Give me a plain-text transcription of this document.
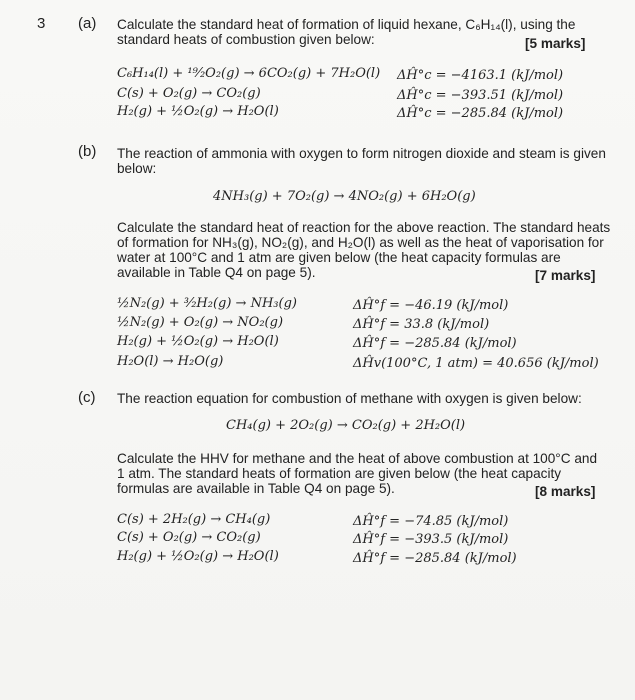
3 (a) Calculate the standard heat of formation of liquid hexane, C₆H₁₄(l), using the
standard heats of combustion given below:	[5 marks]
C₆H₁₄(l) + ¹⁹⁄₂O₂(g) → 6CO₂(g) + 7H₂O(l) ΔĤ°c = −4163.1 (kJ/mol)
C(s) + O₂(g) → CO₂(g)	ΔĤ°c = −393.51 (kJ/mol)
H₂(g) + ½O₂(g) → H₂O(l)	ΔĤ°c = −285.84 (kJ/mol)
(b) The reaction of ammonia with oxygen to form nitrogen dioxide and steam is given
below:
4NH₃(g) + 7O₂(g) → 4NO₂(g) + 6H₂O(g)
Calculate the standard heat of reaction for the above reaction. The standard heats
of formation for NH₃(g), NO₂(g), and H₂O(l) as well as the heat of vaporisation for
water at 100°C and 1 atm are given below (the heat capacity formulas are
available in Table Q4 on page 5).	[7 marks]
½N₂(g) + ³⁄₂H₂(g) → NH₃(g)	ΔĤ°f = −46.19 (kJ/mol)
½N₂(g) + O₂(g) → NO₂(g)	ΔĤ°f = 33.8 (kJ/mol)
H₂(g) + ½O₂(g) → H₂O(l)	ΔĤ°f = −285.84 (kJ/mol)
H₂O(l) → H₂O(g)	ΔĤv(100°C, 1 atm) = 40.656 (kJ/mol)
(c) The reaction equation for combustion of methane with oxygen is given below:
CH₄(g) + 2O₂(g) → CO₂(g) + 2H₂O(l)
Calculate the HHV for methane and the heat of above combustion at 100°C and
1 atm. The standard heats of formation are given below (the heat capacity
formulas are available in Table Q4 on page 5).	[8 marks]
C(s) + 2H₂(g) → CH₄(g)	ΔĤ°f = −74.85 (kJ/mol)
C(s) + O₂(g) → CO₂(g)	ΔĤ°f = −393.5 (kJ/mol)
H₂(g) + ½O₂(g) → H₂O(l)	ΔĤ°f = −285.84 (kJ/mol)
